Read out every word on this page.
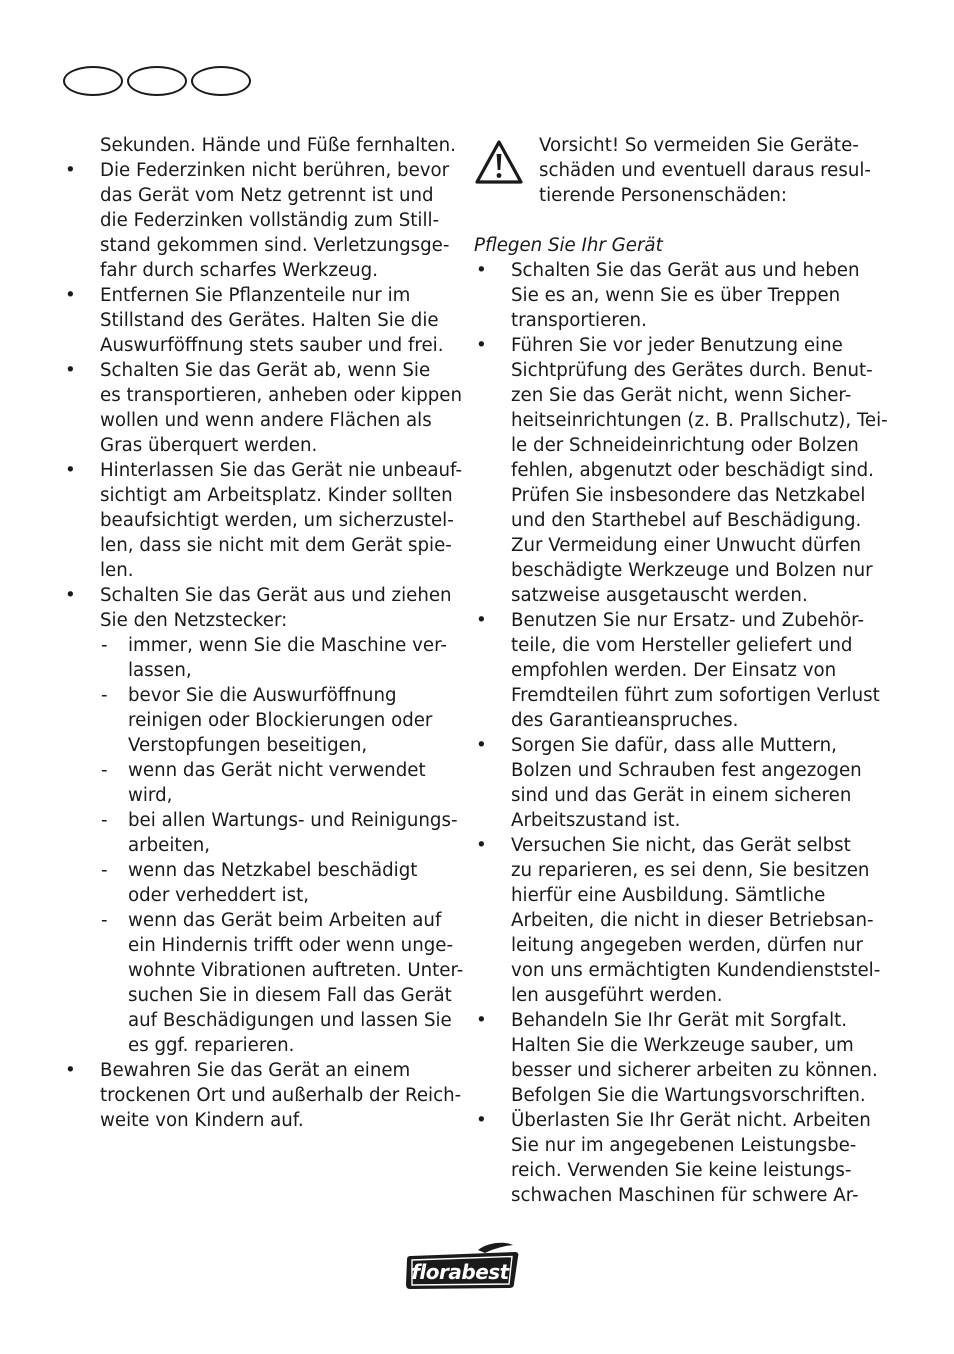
Sekunden. Hände und Füße fernhalten.
• Die Federzinken nicht berühren, bevor
das Gerät vom Netz getrennt ist und
die Federzinken vollständig zum Still-
stand gekommen sind. Verletzungsge-
fahr durch scharfes Werkzeug.
• Entfernen Sie Pflanzenteile nur im
Stillstand des Gerätes. Halten Sie die
Auswurföffnung stets sauber und frei.
• Schalten Sie das Gerät ab, wenn Sie
es transportieren, anheben oder kippen
wollen und wenn andere Flächen als
Gras überquert werden.
• Hinterlassen Sie das Gerät nie unbeauf-
sichtigt am Arbeitsplatz. Kinder sollten
beaufsichtigt werden, um sicherzustel-
len, dass sie nicht mit dem Gerät spie-
len.
• Schalten Sie das Gerät aus und ziehen
Sie den Netzstecker:
- immer, wenn Sie die Maschine ver-
lassen,
- bevor Sie die Auswurföffnung
reinigen oder Blockierungen oder
Verstopfungen beseitigen,
- wenn das Gerät nicht verwendet
wird,
- bei allen Wartungs- und Reinigungs-
arbeiten,
- wenn das Netzkabel beschädigt
oder verheddert ist,
- wenn das Gerät beim Arbeiten auf
ein Hindernis trifft oder wenn unge-
wohnte Vibrationen auftreten. Unter-
suchen Sie in diesem Fall das Gerät
auf Beschädigungen und lassen Sie
es ggf. reparieren.
• Bewahren Sie das Gerät an einem
trockenen Ort und außerhalb der Reich-
weite von Kindern auf.
Vorsicht! So vermeiden Sie Geräte-
schäden und eventuell daraus resul-
tierende Personenschäden:
Pflegen Sie Ihr Gerät
• Schalten Sie das Gerät aus und heben
Sie es an, wenn Sie es über Treppen
transportieren.
• Führen Sie vor jeder Benutzung eine
Sichtprüfung des Gerätes durch. Benut-
zen Sie das Gerät nicht, wenn Sicher-
heitseinrichtungen (z. B. Prallschutz), Tei-
le der Schneideinrichtung oder Bolzen
fehlen, abgenutzt oder beschädigt sind.
Prüfen Sie insbesondere das Netzkabel
und den Starthebel auf Beschädigung.
Zur Vermeidung einer Unwucht dürfen
beschädigte Werkzeuge und Bolzen nur
satzweise ausgetauscht werden.
• Benutzen Sie nur Ersatz- und Zubehör-
teile, die vom Hersteller geliefert und
empfohlen werden. Der Einsatz von
Fremdteilen führt zum sofortigen Verlust
des Garantieanspruches.
• Sorgen Sie dafür, dass alle Muttern,
Bolzen und Schrauben fest angezogen
sind und das Gerät in einem sicheren
Arbeitszustand ist.
• Versuchen Sie nicht, das Gerät selbst
zu reparieren, es sei denn, Sie besitzen
hierfür eine Ausbildung. Sämtliche
Arbeiten, die nicht in dieser Betriebsan-
leitung angegeben werden, dürfen nur
von uns ermächtigten Kundendienststel-
len ausgeführt werden.
• Behandeln Sie Ihr Gerät mit Sorgfalt.
Halten Sie die Werkzeuge sauber, um
besser und sicherer arbeiten zu können.
Befolgen Sie die Wartungsvorschriften.
• Überlasten Sie Ihr Gerät nicht. Arbeiten
Sie nur im angegebenen Leistungsbe-
reich. Verwenden Sie keine leistungs-
schwachen Maschinen für schwere Ar-
florabest
